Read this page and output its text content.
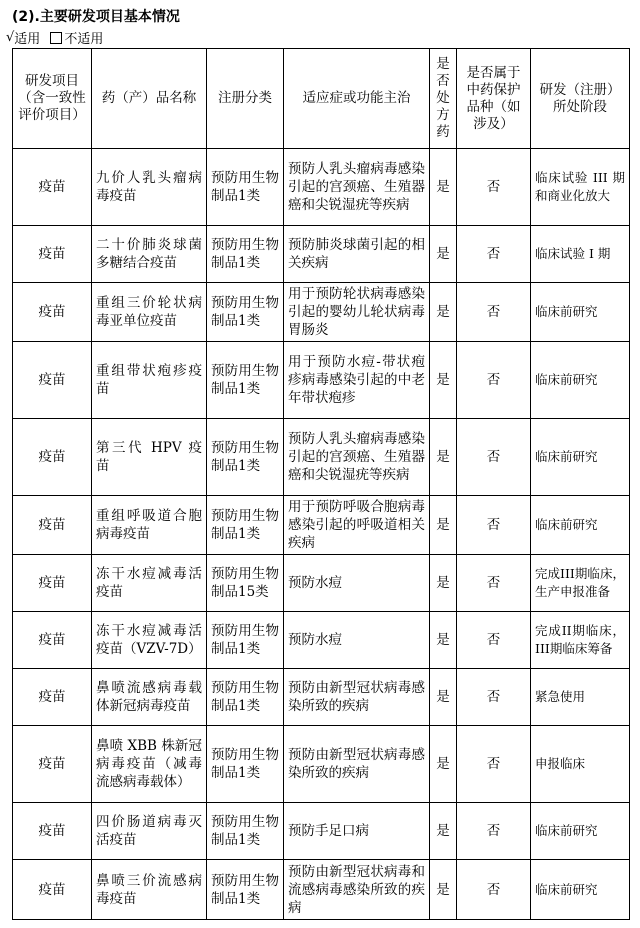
(2).主要研发项目基本情况
√ 适用 不适用
研发项目（含一致性评价项目）	药（产）品名称	注册分类	适应症或功能主治	是否处方药	是否属于中药保护品种（如涉及）	研发（注册）所处阶段
疫苗	九价人乳头瘤病毒疫苗	预防用生物制品1类	预防人乳头瘤病毒感染引起的宫颈癌、生殖器癌和尖锐湿疣等疾病	是	否	临床试验 III 期和商业化放大
疫苗	二十价肺炎球菌多糖结合疫苗	预防用生物制品1类	预防肺炎球菌引起的相关疾病	是	否	临床试验 I 期
疫苗	重组三价轮状病毒亚单位疫苗	预防用生物制品1类	用于预防轮状病毒感染引起的婴幼儿轮状病毒胃肠炎	是	否	临床前研究
疫苗	重组带状疱疹疫苗	预防用生物制品1类	用于预防水痘-带状疱疹病毒感染引起的中老年带状疱疹	是	否	临床前研究
疫苗	第三代 HPV 疫苗	预防用生物制品1类	预防人乳头瘤病毒感染引起的宫颈癌、生殖器癌和尖锐湿疣等疾病	是	否	临床前研究
疫苗	重组呼吸道合胞病毒疫苗	预防用生物制品1类	用于预防呼吸合胞病毒感染引起的呼吸道相关疾病	是	否	临床前研究
疫苗	冻干水痘减毒活疫苗	预防用生物制品15类	预防水痘	是	否	完成III期临床，生产申报准备
疫苗	冻干水痘减毒活疫苗（VZV-7D）	预防用生物制品1类	预防水痘	是	否	完成II期临床，III期临床筹备
疫苗	鼻喷流感病毒载体新冠病毒疫苗	预防用生物制品1类	预防由新型冠状病毒感染所致的疾病	是	否	紧急使用
疫苗	鼻喷 XBB 株新冠病毒疫苗（减毒流感病毒载体）	预防用生物制品1类	预防由新型冠状病毒感染所致的疾病	是	否	申报临床
疫苗	四价肠道病毒灭活疫苗	预防用生物制品1类	预防手足口病	是	否	临床前研究
疫苗	鼻喷三价流感病毒疫苗	预防用生物制品1类	预防由新型冠状病毒和流感病毒感染所致的疾病	是	否	临床前研究
